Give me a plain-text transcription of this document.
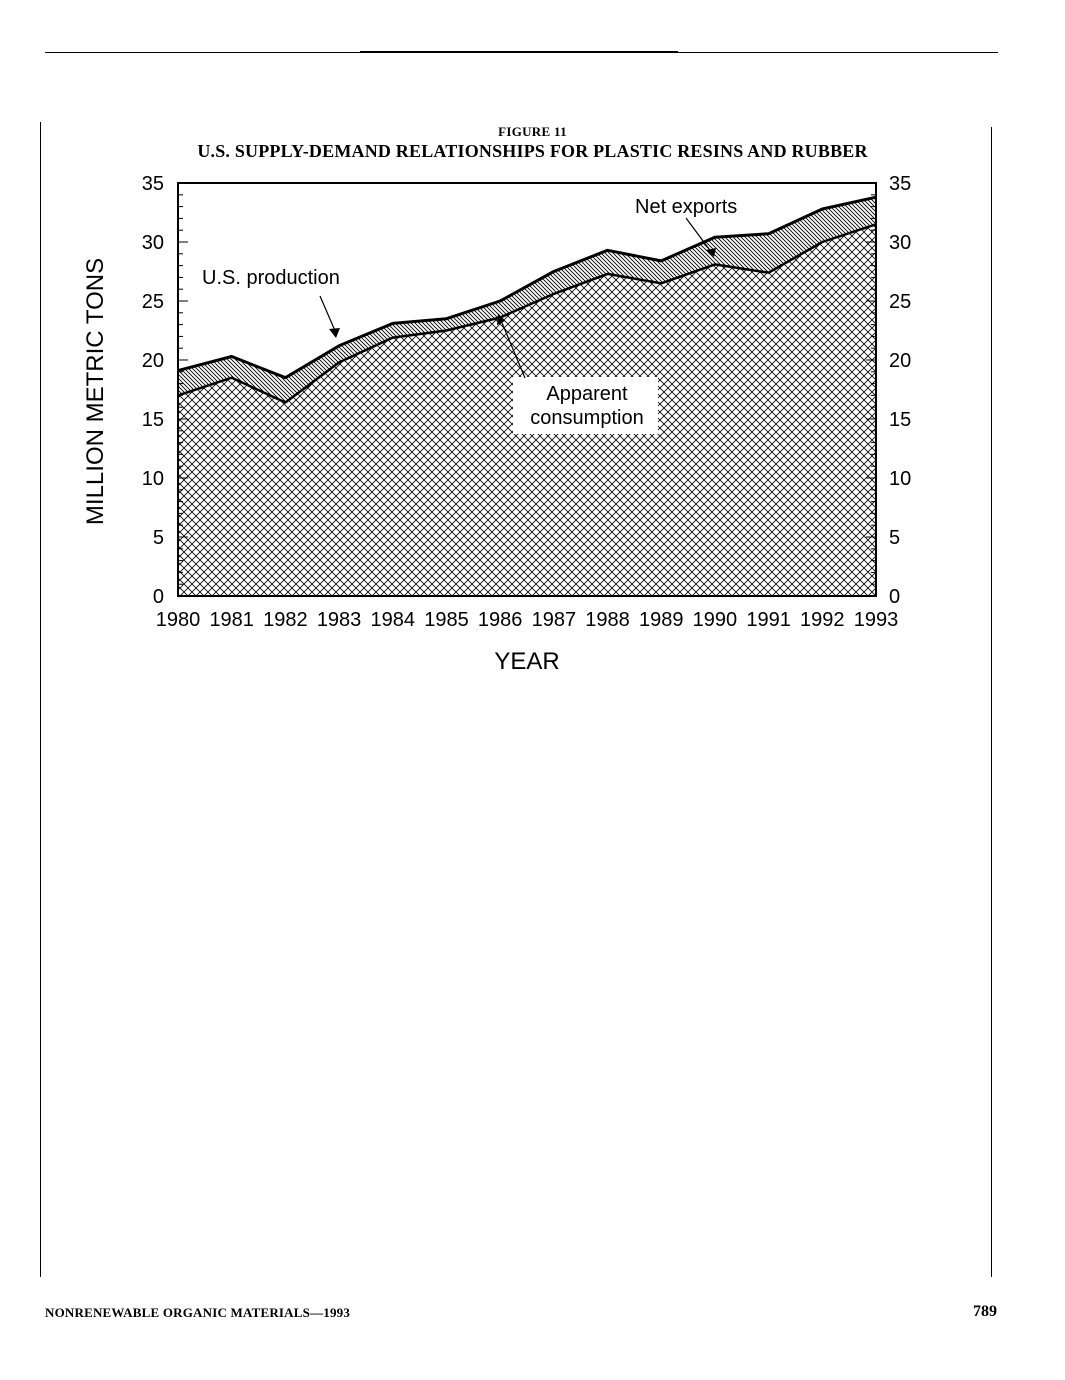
FIGURE 11
U.S. SUPPLY-DEMAND RELATIONSHIPS FOR PLASTIC RESINS AND RUBBER
0	0
5	5
10	10
15	15
20	20
25	25
30	30
35	35
1980 1981 1982 1983 1984 1985 1986 1987 1988 1989 1990 1991 1992 1993
YEAR
MILLION METRIC TONS	U.S. production
Net exports
Apparent
consumption
NONRENEWABLE ORGANIC MATERIALS—1993	789
